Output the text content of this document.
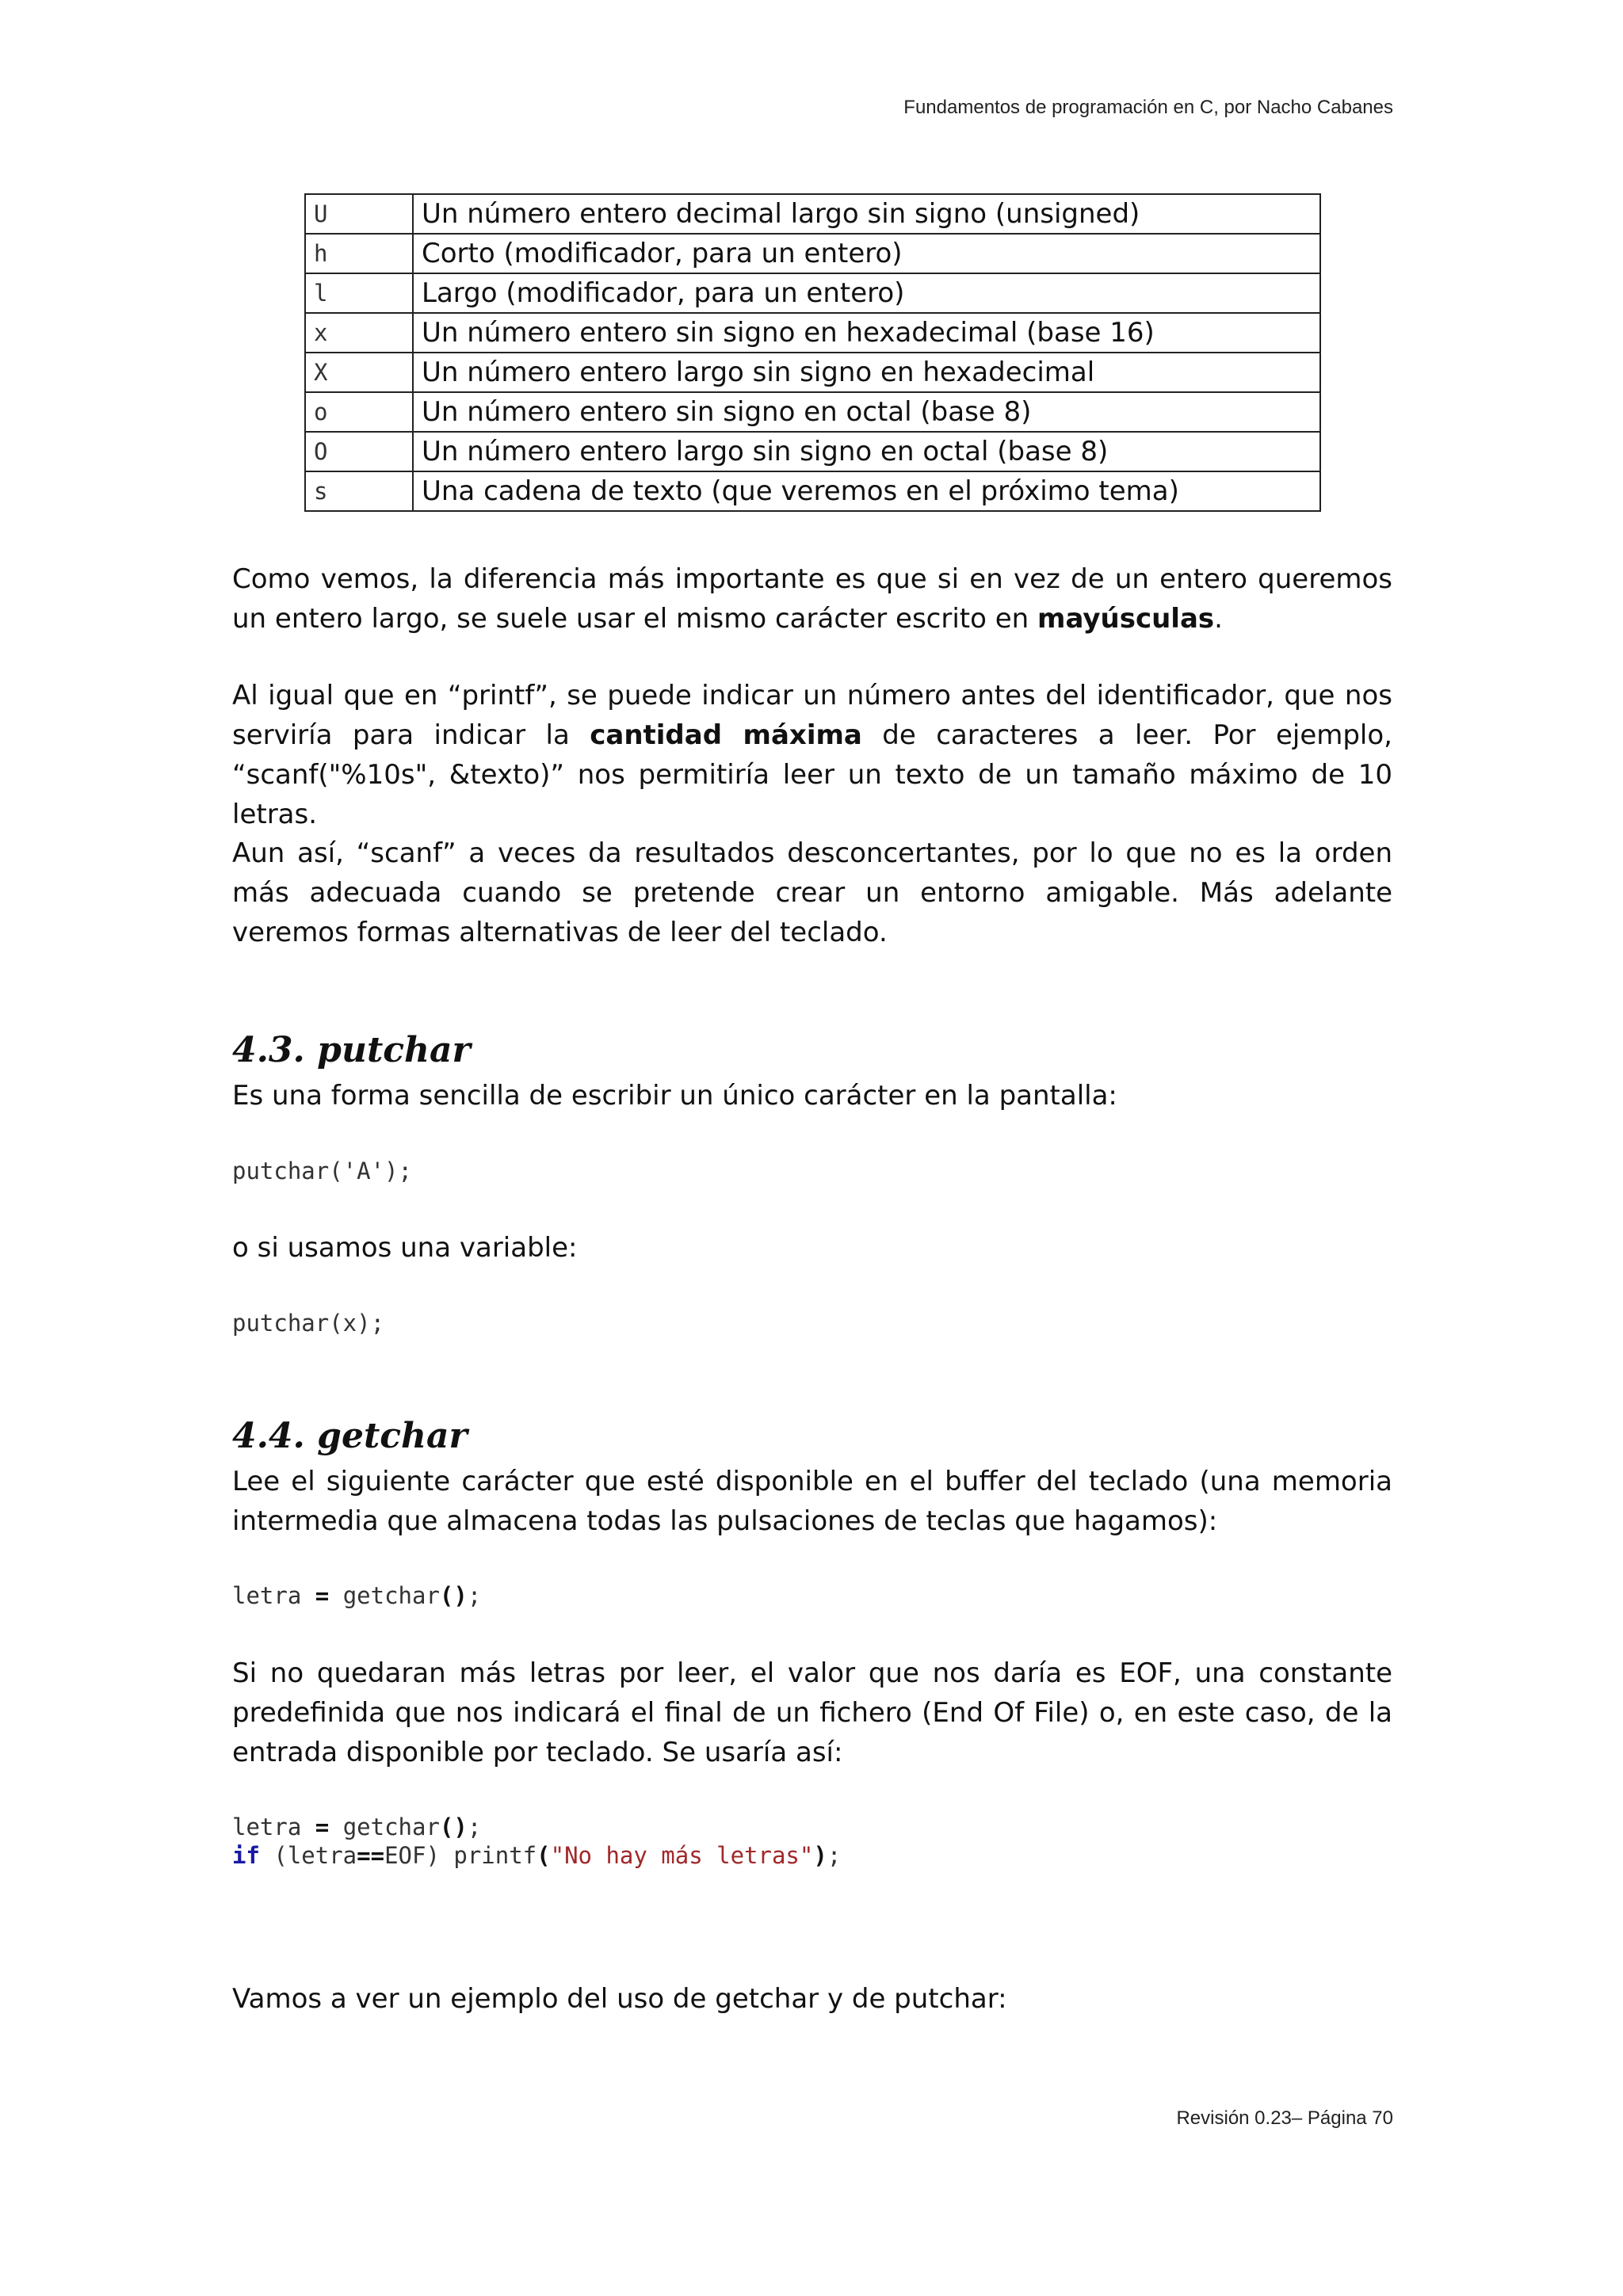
Fundamentos de programación en C, por Nacho Cabanes
U	Un número entero decimal largo sin signo (unsigned)
h	Corto (modificador, para un entero)
l	Largo (modificador, para un entero)
x	Un número entero sin signo en hexadecimal (base 16)
X	Un número entero largo sin signo en hexadecimal
o	Un número entero sin signo en octal (base 8)
O	Un número entero largo sin signo en octal (base 8)
s	Una cadena de texto (que veremos en el próximo tema)

Como vemos, la diferencia más importante es que si en vez de un entero queremos un entero largo, se suele usar el mismo carácter escrito en mayúsculas.

Al igual que en “printf”, se puede indicar un número antes del identificador, que nos serviría para indicar la cantidad máxima de caracteres a leer. Por ejemplo, “scanf("%10s", &texto)” nos permitiría leer un texto de un tamaño máximo de 10 letras.

Aun así, “scanf” a veces da resultados desconcertantes, por lo que no es la orden más adecuada cuando se pretende crear un entorno amigable. Más adelante veremos formas alternativas de leer del teclado.

4.3. putchar

Es una forma sencilla de escribir un único carácter en la pantalla:

putchar('A');

o si usamos una variable:

putchar(x);
4.4. getchar

Lee el siguiente carácter que esté disponible en el buffer del teclado (una memoria intermedia que almacena todas las pulsaciones de teclas que hagamos):

letra = getchar();

Si no quedaran más letras por leer, el valor que nos daría es EOF, una constante predefinida que nos indicará el final de un fichero (End Of File) o, en este caso, de la entrada disponible por teclado. Se usaría así:

letra = getchar();
if (letra==EOF) printf("No hay más letras");

Vamos a ver un ejemplo del uso de getchar y de putchar:

Revisión 0.23– Página 70
